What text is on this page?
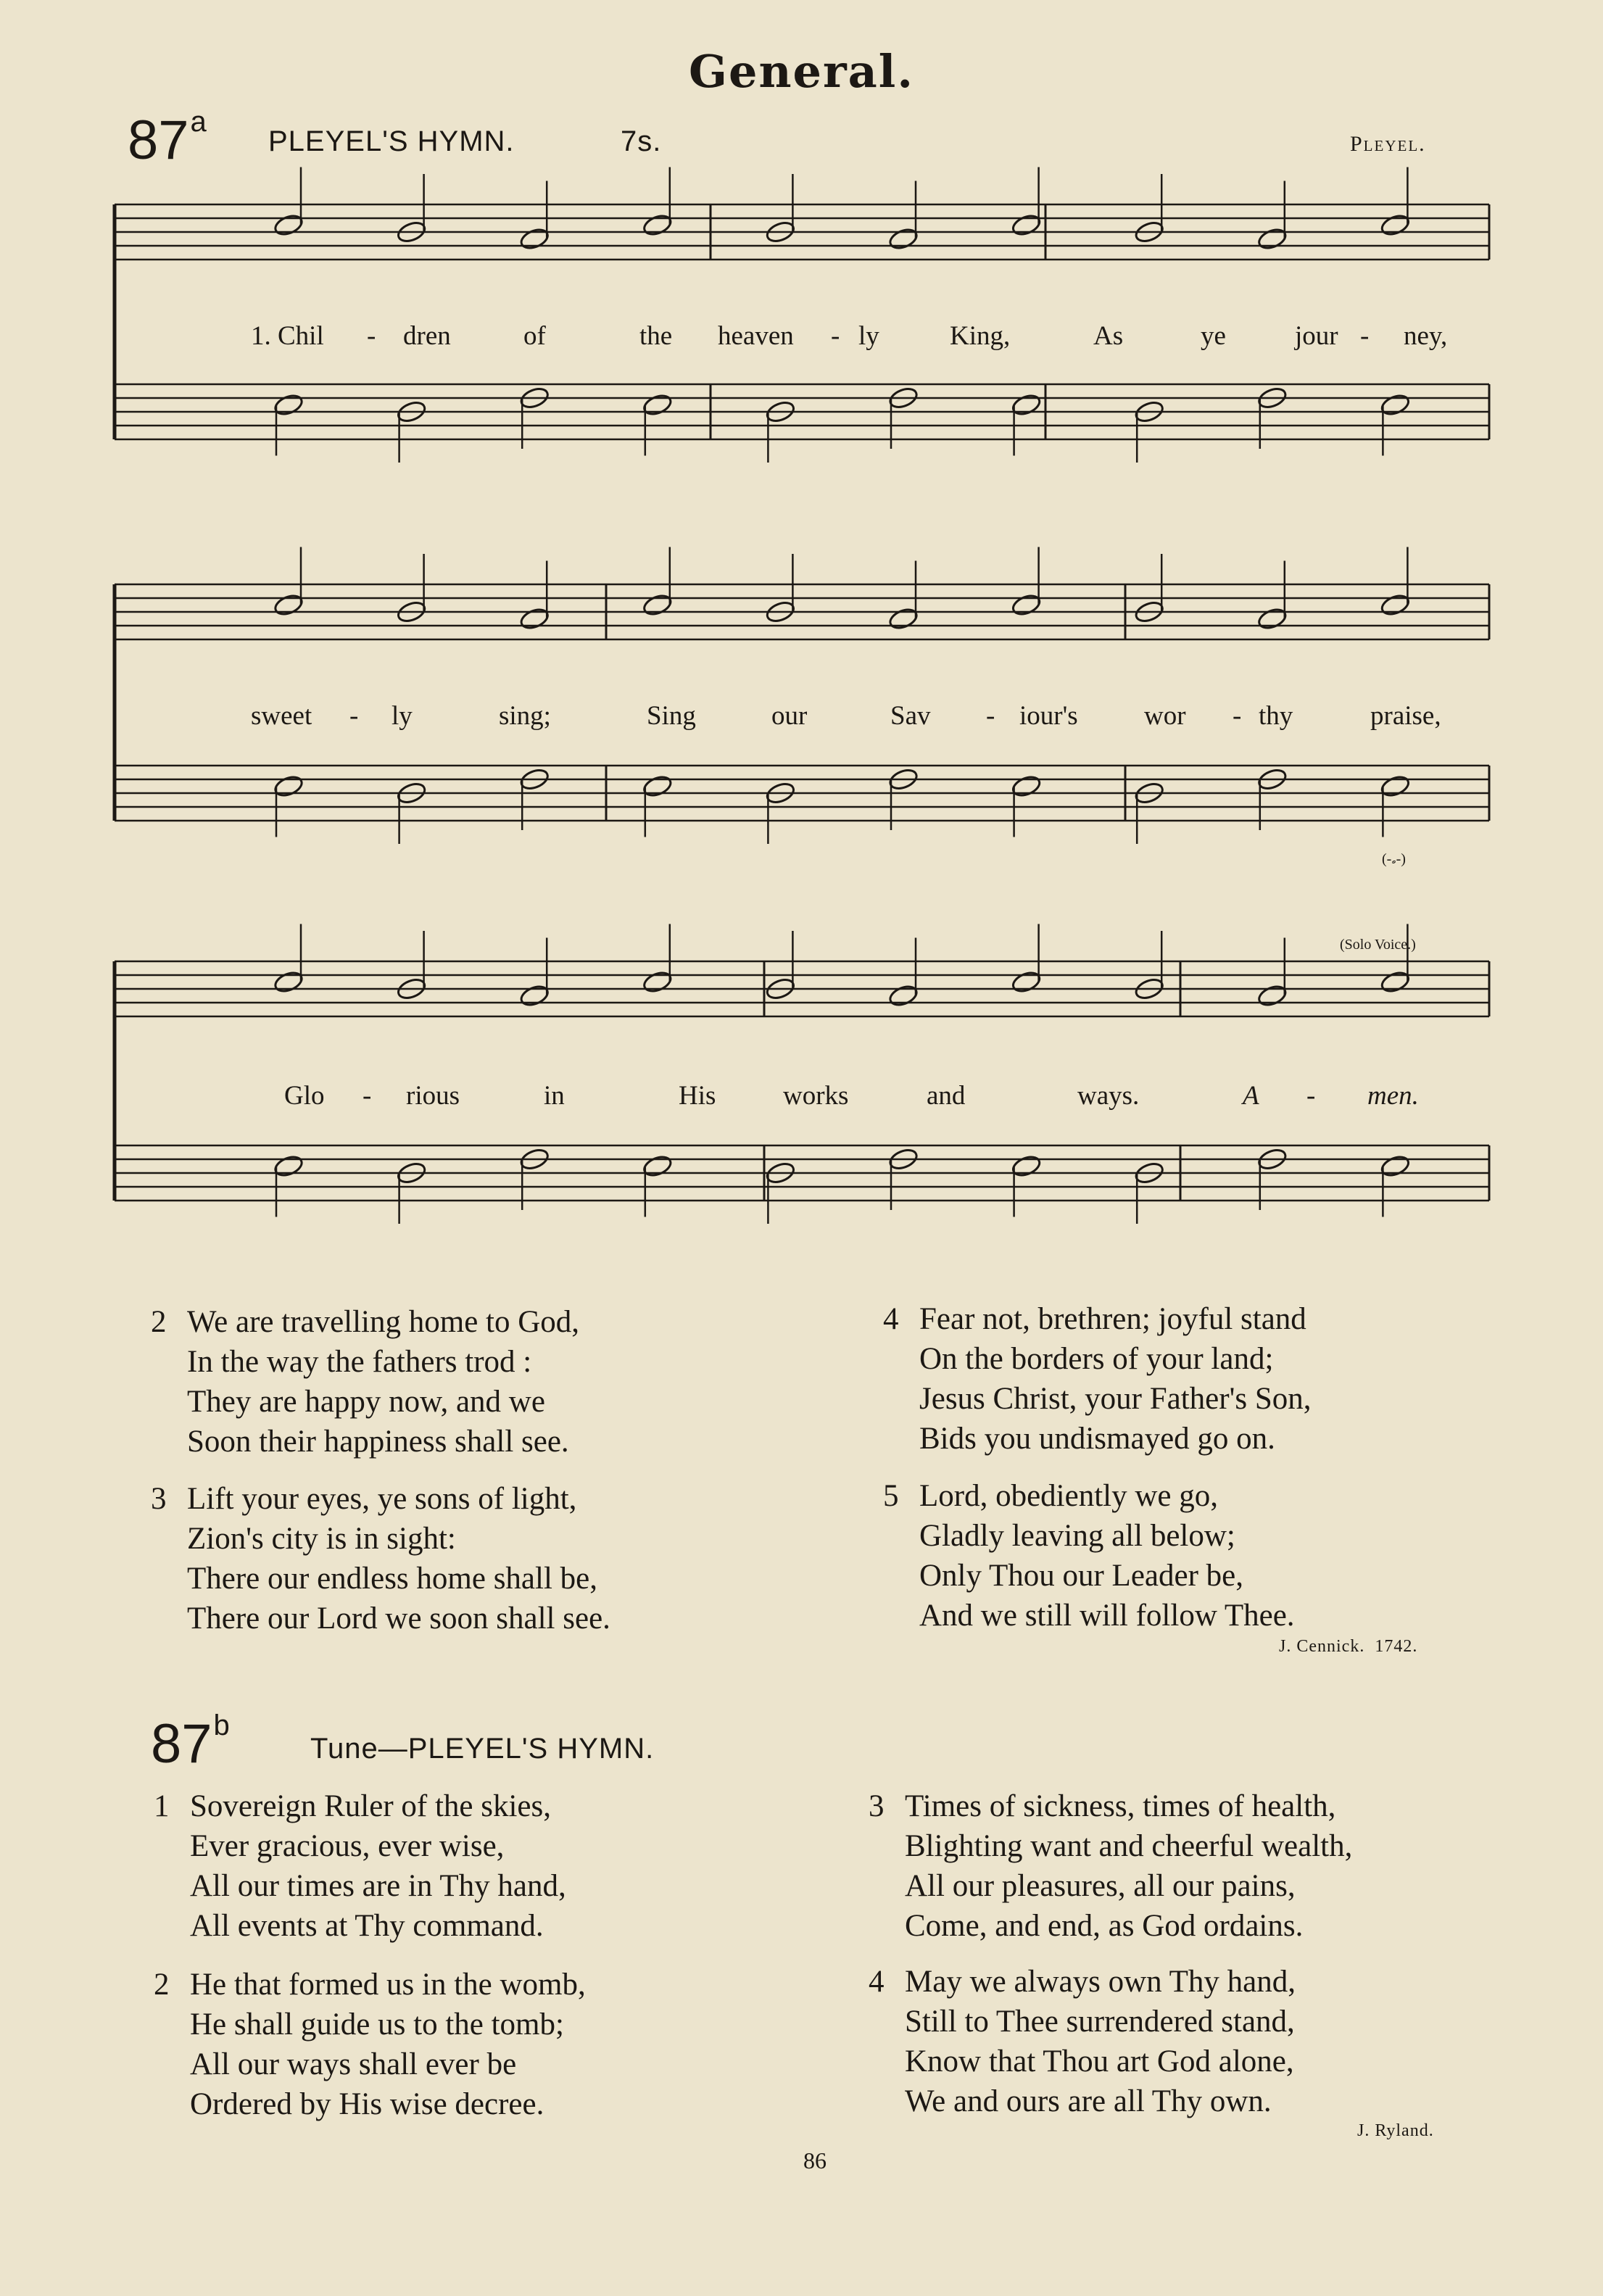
General.
87$^a$
PLEYEL'S HYMN.	7s.	Pleyel.
1. Chil - dren	of	the heaven - ly	King,	As	ye	jour - ney,
sweet - ly	sing;	Sing	our	Sav - iour's wor - thy	praise,
Glo - rious	in	His	works	and	ways.	A - men.
(Solo Voice.)
(-𝅗-)
2 We are travelling home to God,
In the way the fathers trod :
They are happy now, and we
Soon their happiness shall see.
3 Lift your eyes, ye sons of light,
Zion's city is in sight:
There our endless home shall be,
There our Lord we soon shall see.
4 Fear not, brethren; joyful stand
On the borders of your land;
Jesus Christ, your Father's Son,
Bids you undismayed go on.
5 Lord, obediently we go,
Gladly leaving all below;
Only Thou our Leader be,
And we still will follow Thee.
J. Cennick. 1742.
87$^b$
Tune—PLEYEL'S HYMN.
1 Sovereign Ruler of the skies,
Ever gracious, ever wise,
All our times are in Thy hand,
All events at Thy command.
2 He that formed us in the womb,
He shall guide us to the tomb;
All our ways shall ever be
Ordered by His wise decree.
3 Times of sickness, times of health,
Blighting want and cheerful wealth,
All our pleasures, all our pains,
Come, and end, as God ordains.
4 May we always own Thy hand,
Still to Thee surrendered stand,
Know that Thou art God alone,
We and ours are all Thy own.
J. Ryland.
86
